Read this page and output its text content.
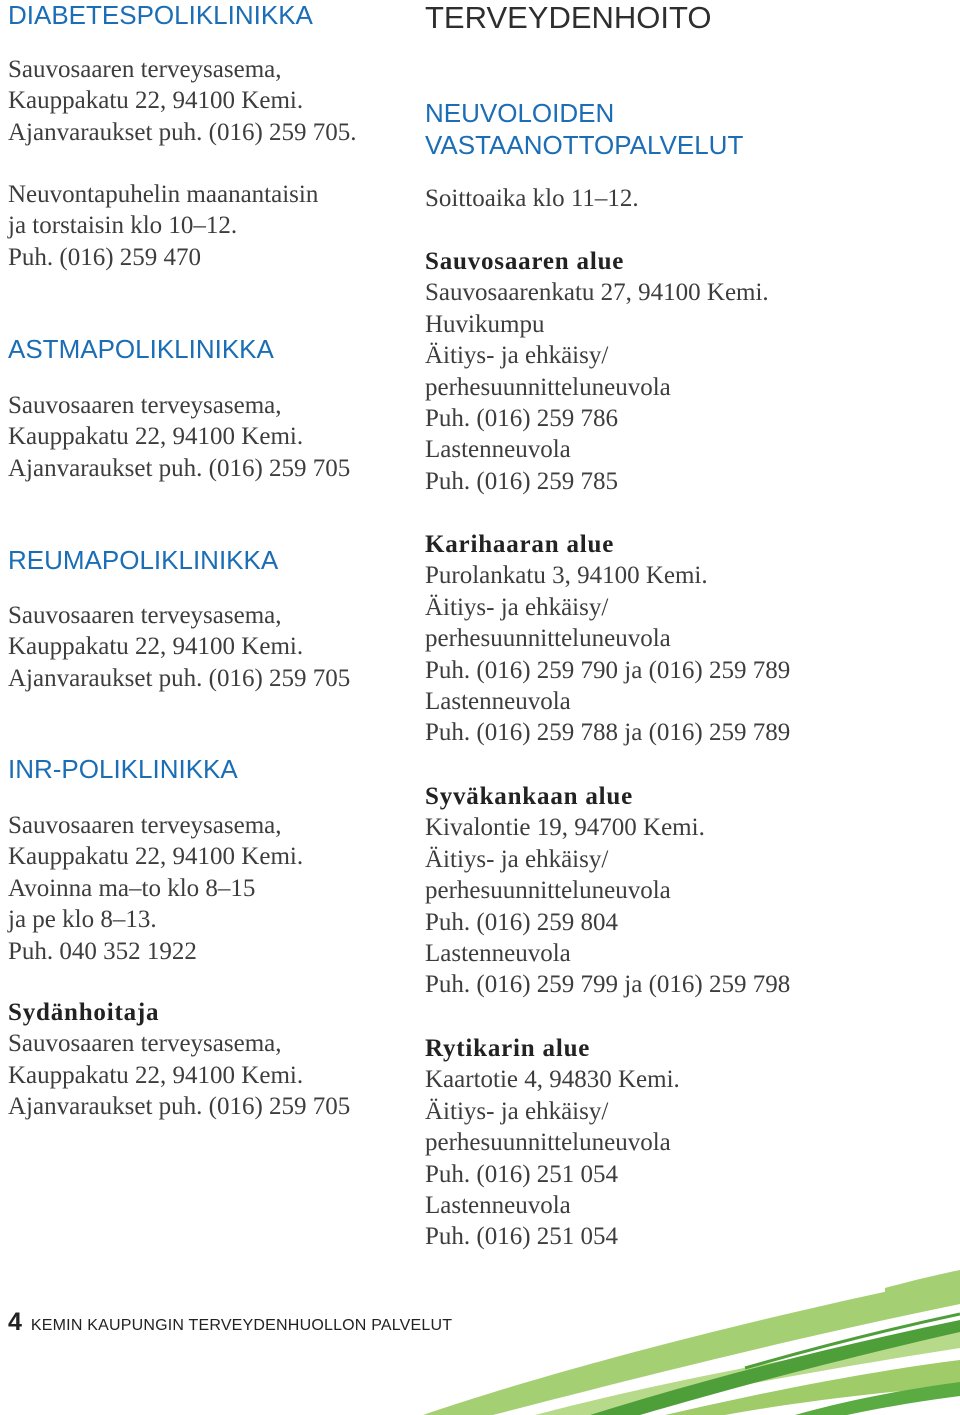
DIABETESPOLIKLINIKKA
Sauvosaaren terveysasema,
Kauppakatu 22, 94100 Kemi.
Ajanvaraukset puh. (016) 259 705.
Neuvontapuhelin maanantaisin
ja torstaisin klo 10–12.
Puh. (016) 259 470
ASTMAPOLIKLINIKKA
Sauvosaaren terveysasema,
Kauppakatu 22, 94100 Kemi.
Ajanvaraukset puh. (016) 259 705
REUMAPOLIKLINIKKA
Sauvosaaren terveysasema,
Kauppakatu 22, 94100 Kemi.
Ajanvaraukset puh. (016) 259 705
INR-POLIKLINIKKA
Sauvosaaren terveysasema,
Kauppakatu 22, 94100 Kemi.
Avoinna ma–to klo 8–15
ja pe klo 8–13.
Puh. 040 352 1922
Sydänhoitaja
Sauvosaaren terveysasema,
Kauppakatu 22, 94100 Kemi.
Ajanvaraukset puh. (016) 259 705
TERVEYDENHOITO
NEUVOLOIDEN
VASTAANOTTOPALVELUT
Soittoaika klo 11–12.
Sauvosaaren alue
Sauvosaarenkatu 27, 94100 Kemi.
Huvikumpu
Äitiys- ja ehkäisy/
perhesuunnitteluneuvola
Puh. (016) 259 786
Lastenneuvola
Puh. (016) 259 785
Karihaaran alue
Purolankatu 3, 94100 Kemi.
Äitiys- ja ehkäisy/
perhesuunnitteluneuvola
Puh. (016) 259 790 ja (016) 259 789
Lastenneuvola
Puh. (016) 259 788 ja (016) 259 789
Syväkankaan alue
Kivalontie 19, 94700 Kemi.
Äitiys- ja ehkäisy/
perhesuunnitteluneuvola
Puh. (016) 259 804
Lastenneuvola
Puh. (016) 259 799 ja (016) 259 798
Rytikarin alue
Kaartotie 4, 94830 Kemi.
Äitiys- ja ehkäisy/
perhesuunnitteluneuvola
Puh. (016) 251 054
Lastenneuvola
Puh. (016) 251 054
4 KEMIN KAUPUNGIN TERVEYDENHUOLLON PALVELUT
